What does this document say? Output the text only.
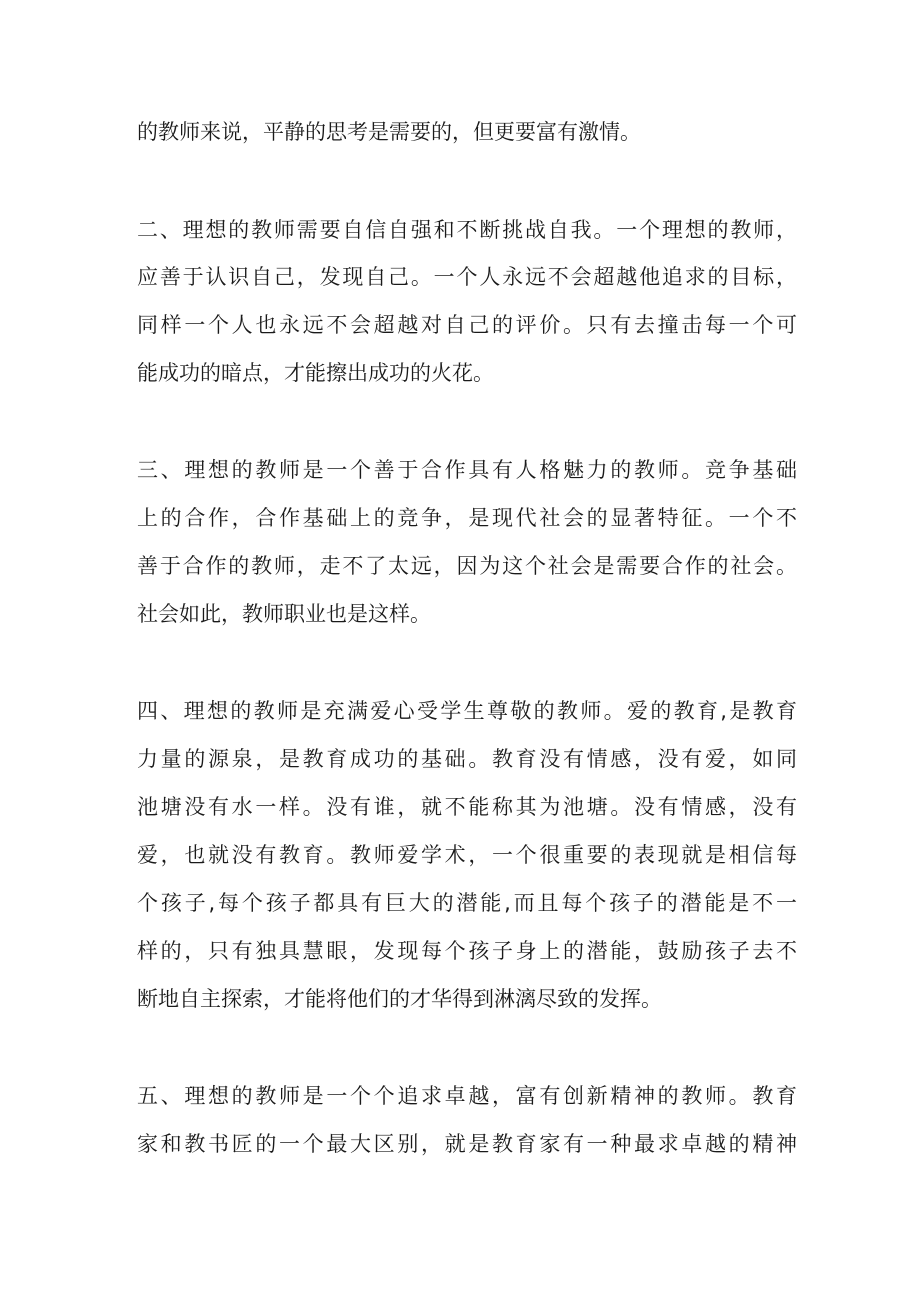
的教师来说，平静的思考是需要的，但更要富有激情。

二、理想的教师需要自信自强和不断挑战自我。一个理想的教师，

应善于认识自己，发现自己。一个人永远不会超越他追求的目标，

同样一个人也永远不会超越对自己的评价。只有去撞击每一个可

能成功的暗点，才能擦出成功的火花。

三、理想的教师是一个善于合作具有人格魅力的教师。竞争基础

上的合作，合作基础上的竞争，是现代社会的显著特征。一个不

善于合作的教师，走不了太远，因为这个社会是需要合作的社会。

社会如此，教师职业也是这样。

四、理想的教师是充满爱心受学生尊敬的教师。爱的教育,是教育

力量的源泉，是教育成功的基础。教育没有情感，没有爱，如同

池塘没有水一样。没有谁，就不能称其为池塘。没有情感，没有

爱，也就没有教育。教师爱学术，一个很重要的表现就是相信每

个孩子,每个孩子都具有巨大的潜能,而且每个孩子的潜能是不一

样的，只有独具慧眼，发现每个孩子身上的潜能，鼓励孩子去不

断地自主探索，才能将他们的才华得到淋漓尽致的发挥。

五、理想的教师是一个个追求卓越，富有创新精神的教师。教育

家和教书匠的一个最大区别，就是教育家有一种最求卓越的精神
